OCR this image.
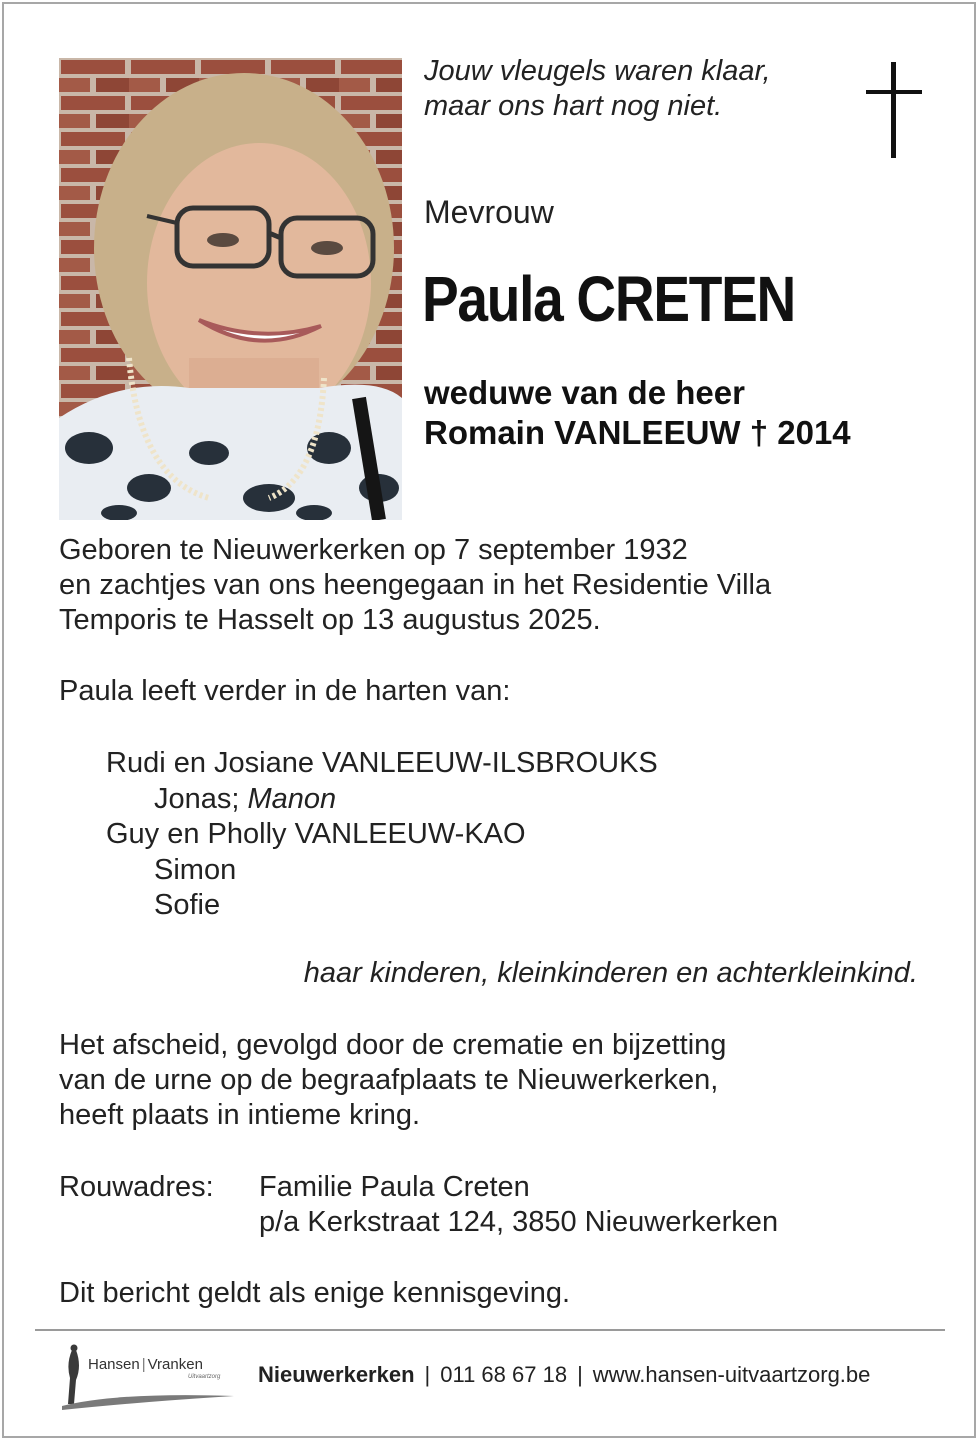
Jouw vleugels waren klaar,
maar ons hart nog niet.
Mevrouw
Paula CRETEN
weduwe van de heer
Romain VANLEEUW † 2014
Geboren te Nieuwerkerken op 7 september 1932
en zachtjes van ons heengegaan in het Residentie Villa
Temporis te Hasselt op 13 augustus 2025.
Paula leeft verder in de harten van:
Rudi en Josiane VANLEEUW-ILSBROUKS
Jonas; Manon
Guy en Pholly VANLEEUW-KAO
Simon
Sofie
haar kinderen, kleinkinderen en achterkleinkind.
Het afscheid, gevolgd door de crematie en bijzetting
van de urne op de begraafplaats te Nieuwerkerken,
heeft plaats in intieme kring.
Rouwadres: Familie Paula Creten
p/a Kerkstraat 124, 3850 Nieuwerkerken
Dit bericht geldt als enige kennisgeving.
Hansen | Vranken
Uitvaartzorg Nieuwerkerken | 011 68 67 18 | www.hansen-uitvaartzorg.be
